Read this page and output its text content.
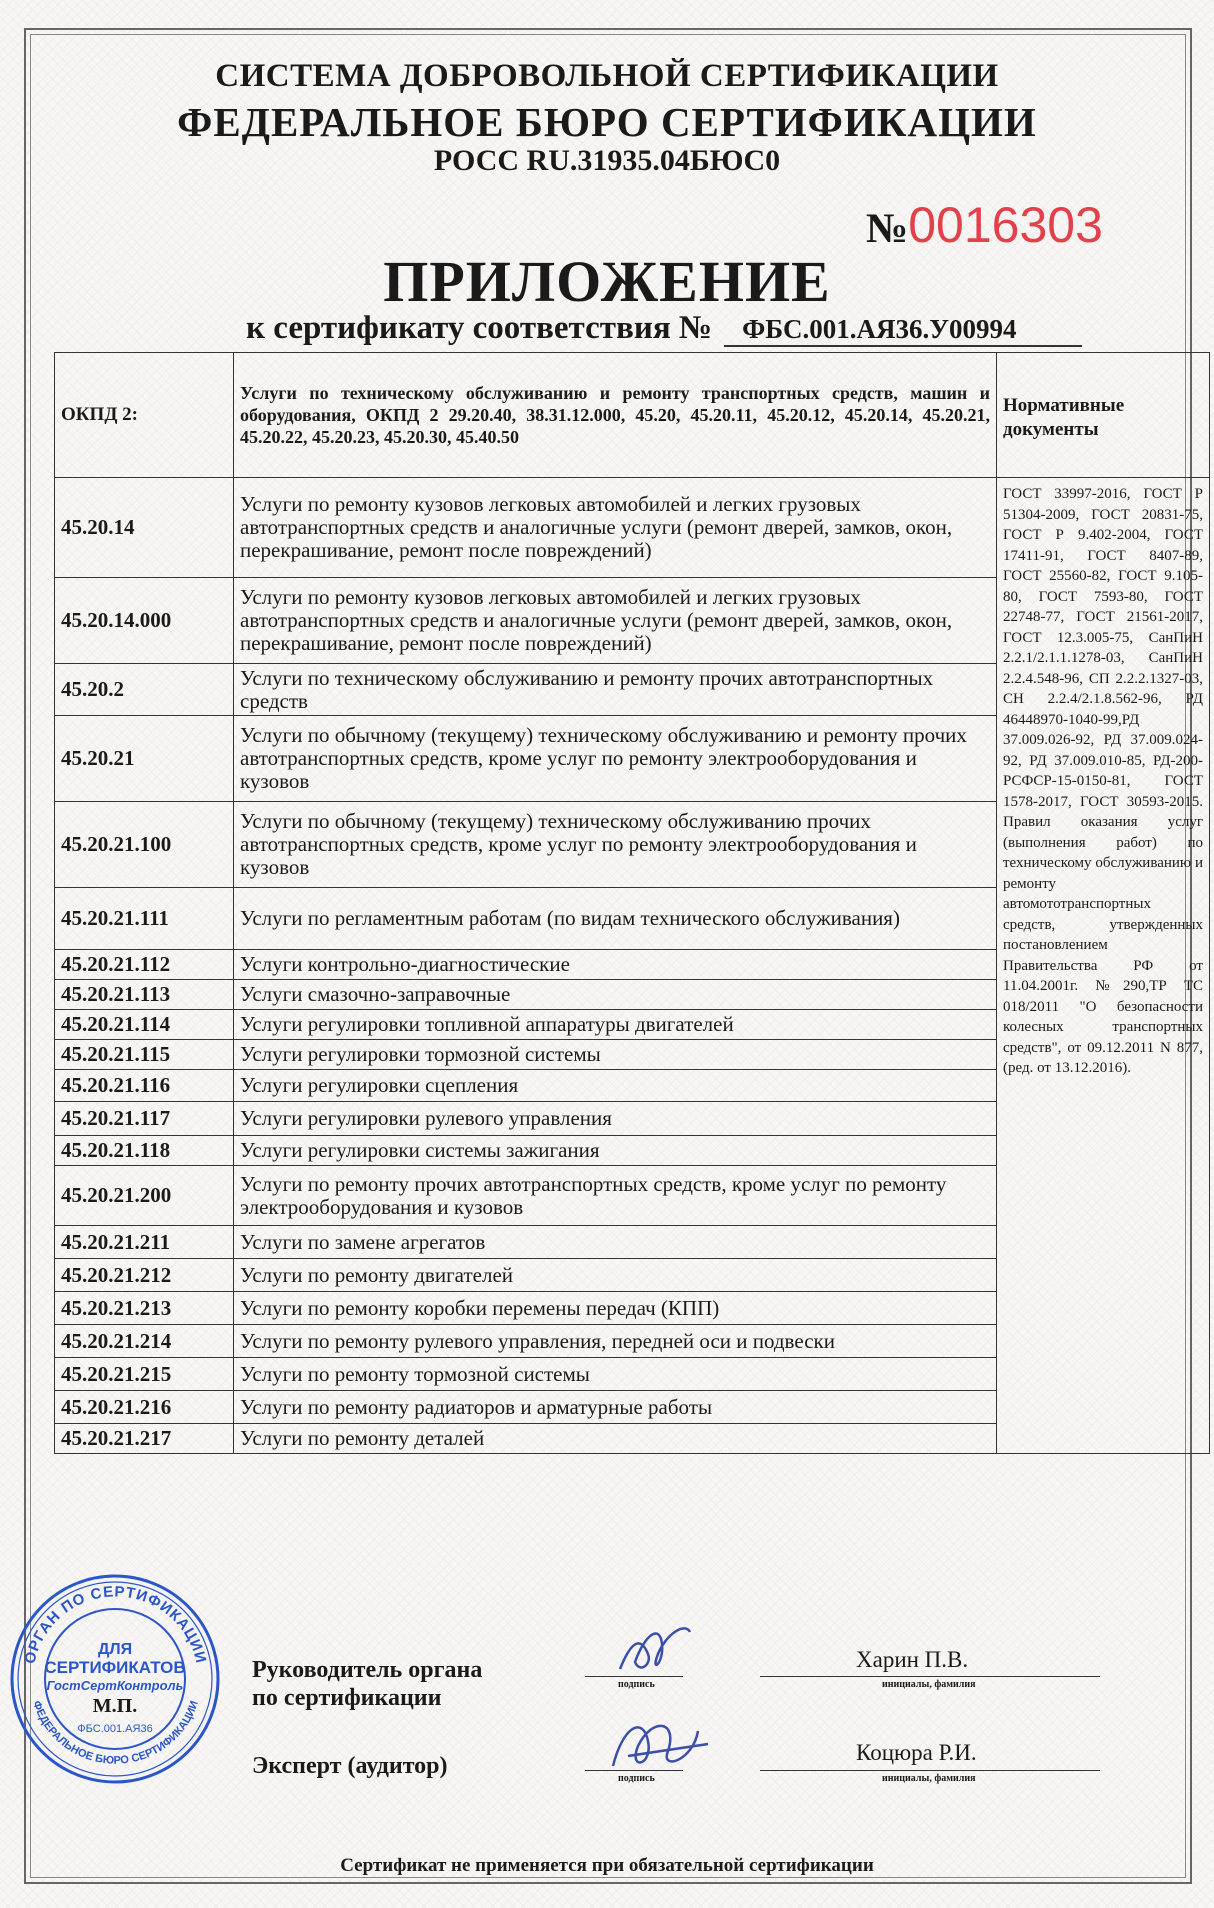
СИСТЕМА ДОБРОВОЛЬНОЙ СЕРТИФИКАЦИИ
ФЕДЕРАЛЬНОЕ БЮРО СЕРТИФИКАЦИИ
РОСС RU.31935.04БЮС0
№0016303
ПРИЛОЖЕНИЕ
к сертификату соответствия № ФБС.001.АЯ36.У00994
ОКПД 2:	Услуги по техническому обслуживанию и ремонту транспортных средств, машин и оборудования, ОКПД 2 29.20.40, 38.31.12.000, 45.20, 45.20.11, 45.20.12, 45.20.14, 45.20.21, 45.20.22, 45.20.23, 45.20.30, 45.40.50	Нормативные документы
45.20.14	Услуги по ремонту кузовов легковых автомобилей и легких грузовых автотранспортных средств и аналогичные услуги (ремонт дверей, замков, окон, перекрашивание, ремонт после повреждений)	ГОСТ 33997-2016, ГОСТ Р 51304-2009, ГОСТ 20831-75, ГОСТ Р 9.402-2004, ГОСТ 17411-91, ГОСТ 8407-89, ГОСТ 25560-82, ГОСТ 9.105-80, ГОСТ 7593-80, ГОСТ 22748-77, ГОСТ 21561-2017, ГОСТ 12.3.005-75, СанПиН 2.2.1/2.1.1.1278-03, СанПиН 2.2.4.548-96, СП 2.2.2.1327-03, СН 2.2.4/2.1.8.562-96, РД 46448970-1040-99,РД 37.009.026-92, РД 37.009.024-92, РД 37.009.010-85, РД-200-РСФСР-15-0150-81, ГОСТ 1578-2017, ГОСТ 30593-2015. Правил оказания услуг (выполнения работ) по техническому обслуживанию и ремонту автомототранспортных средств, утвержденных постановлением Правительства РФ от 11.04.2001г. №290,ТР ТС 018/2011 "О безопасности колесных транспортных средств", от 09.12.2011 N 877, (ред. от 13.12.2016).
45.20.14.000	Услуги по ремонту кузовов легковых автомобилей и легких грузовых автотранспортных средств и аналогичные услуги (ремонт дверей, замков, окон, перекрашивание, ремонт после повреждений)	
45.20.2	Услуги по техническому обслуживанию и ремонту прочих автотранспортных средств	
45.20.21	Услуги по обычному (текущему) техническому обслуживанию и ремонту прочих автотранспортных средств, кроме услуг по ремонту электрооборудования и кузовов	
45.20.21.100	Услуги по обычному (текущему) техническому обслуживанию прочих автотранспортных средств, кроме услуг по ремонту электрооборудования и кузовов	
45.20.21.111	Услуги по регламентным работам (по видам технического обслуживания)	
45.20.21.112	Услуги контрольно-диагностические	
45.20.21.113	Услуги смазочно-заправочные	
45.20.21.114	Услуги регулировки топливной аппаратуры двигателей	
45.20.21.115	Услуги регулировки тормозной системы	
45.20.21.116	Услуги регулировки сцепления	
45.20.21.117	Услуги регулировки рулевого управления	
45.20.21.118	Услуги регулировки системы зажигания	
45.20.21.200	Услуги по ремонту прочих автотранспортных средств, кроме услуг по ремонту электрооборудования и кузовов	
45.20.21.211	Услуги по замене агрегатов	
45.20.21.212	Услуги по ремонту двигателей	
45.20.21.213	Услуги по ремонту коробки перемены передач (КПП)	
45.20.21.214	Услуги по ремонту рулевого управления, передней оси и подвески	
45.20.21.215	Услуги по ремонту тормозной системы	
45.20.21.216	Услуги по ремонту радиаторов и арматурные работы	
45.20.21.217	Услуги по ремонту деталей	
ОРГАН ПО СЕРТИФИКАЦИИ
ФЕДЕРАЛЬНОЕ БЮРО СЕРТИФИКАЦИИ
ДЛЯ
СЕРТИФИКАТОВ
ГостСертКонтроль
М.П.
ФБС.001.АЯ36
Руководитель органа
по сертификации
Эксперт (аудитор)
подпись
Харин П.В.
инициалы, фамилия
подпись
Коцюра Р.И.
инициалы, фамилия
Сертификат не применяется при обязательной сертификации
